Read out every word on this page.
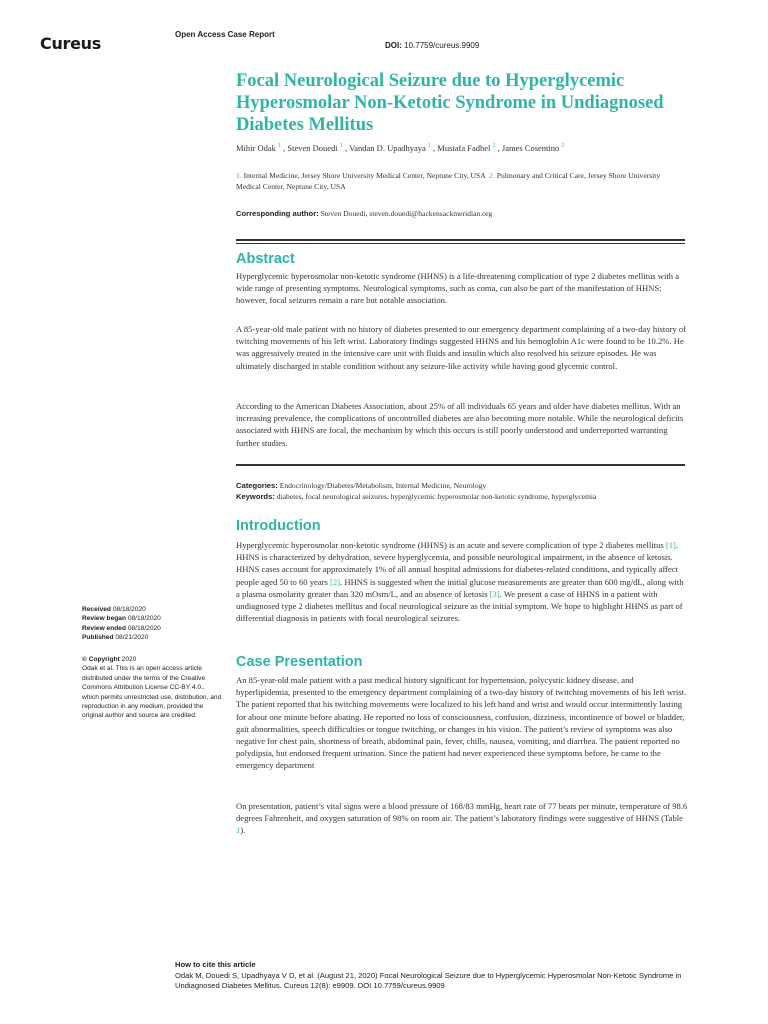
Cureus	Open Access Case Report
DOI: 10.7759/cureus.9909
Focal Neurological Seizure due to Hyperglycemic Hyperosmolar Non-Ketotic Syndrome in Undiagnosed Diabetes Mellitus
Mihir Odak $^1$ , Steven Douedi $^1$ , Vandan D. Upadhyaya $^1$ , Mustafa Fadhel $^2$ , James Cosentino $^2$
1. Internal Medicine, Jersey Shore University Medical Center, Neptune City, USA 2. Pulmonary and Critical Care, Jersey Shore University Medical Center, Neptune City, USA
Corresponding author: Steven Douedi, steven.douedi@hackensackmeridian.org
Abstract

Hyperglycemic hyperosmolar non-ketotic syndrome (HHNS) is a life-threatening complication of type 2 diabetes mellitus with a wide range of presenting symptoms. Neurological symptoms, such as coma, can also be part of the manifestation of HHNS; however, focal seizures remain a rare but notable association.

A 85-year-old male patient with no history of diabetes presented to our emergency department complaining of a two-day history of twitching movements of his left wrist. Laboratory findings suggested HHNS and his hemoglobin A1c were found to be 10.2%. He was aggressively treated in the intensive care unit with fluids and insulin which also resolved his seizure episodes. He was ultimately discharged in stable condition without any seizure-like activity while having good glycemic control.

According to the American Diabetes Association, about 25% of all individuals 65 years and older have diabetes mellitus. With an increasing prevalence, the complications of uncontrolled diabetes are also becoming more notable. While the neurological deficits associated with HHNS are focal, the mechanism by which this occurs is still poorly understood and underreported warranting further studies.

Categories: Endocrinology/Diabetes/Metabolism, Internal Medicine, Neurology
Keywords: diabetes, focal neurological seizures, hyperglycemic hyperosmolar non-ketotic syndrome, hyperglycemia
Introduction

Hyperglycemic hyperosmolar non-ketotic syndrome (HHNS) is an acute and severe complication of type 2 diabetes mellitus [1]. HHNS is characterized by dehydration, severe hyperglycemia, and possible neurological impairment, in the absence of ketosis. HHNS cases account for approximately 1% of all annual hospital admissions for diabetes-related conditions, and typically affect people aged 50 to 60 years [2]. HHNS is suggested when the initial glucose measurements are greater than 600 mg/dL, along with a plasma osmolarity greater than 320 mOsm/L, and an absence of ketosis [3]. We present a case of HHNS in a patient with undiagnosed type 2 diabetes mellitus and focal neurological seizure as the initial symptom. We hope to highlight HHNS as part of differential diagnosis in patients with focal neurological seizures.

Case Presentation

An 85-year-old male patient with a past medical history significant for hypertension, polycystic kidney disease, and hyperlipidemia, presented to the emergency department complaining of a two-day history of twitching movements of his left wrist. The patient reported that his twitching movements were localized to his left hand and wrist and would occur intermittently lasting for about one minute before abating. He reported no loss of consciousness, confusion, dizziness, incontinence of bowel or bladder, gait abnormalities, speech difficulties or tongue twitching, or changes in his vision. The patient’s review of symptoms was also negative for chest pain, shortness of breath, abdominal pain, fever, chills, nausea, vomiting, and diarrhea. The patient reported no polydipsia, but endorsed frequent urination. Since the patient had never experienced these symptoms before, he came to the emergency department

On presentation, patient’s vital signs were a blood pressure of 168/83 mmHg, heart rate of 77 beats per minute, temperature of 98.6 degrees Fahrenheit, and oxygen saturation of 98% on room air. The patient’s laboratory findings were suggestive of HHNS (Table 1).

Received 08/18/2020
Review began 08/18/2020
Review ended 08/18/2020
Published 08/21/2020
© Copyright 2020
Odak et al. This is an open access article distributed under the terms of the Creative Commons Attribution License CC-BY 4.0., which permits unrestricted use, distribution, and reproduction in any medium, provided the original author and source are credited.
How to cite this article
Odak M, Douedi S, Upadhyaya V D, et al. (August 21, 2020) Focal Neurological Seizure due to Hyperglycemic Hyperosmolar Non-Ketotic Syndrome in Undiagnosed Diabetes Mellitus. Cureus 12(8): e9909. DOI 10.7759/cureus.9909
